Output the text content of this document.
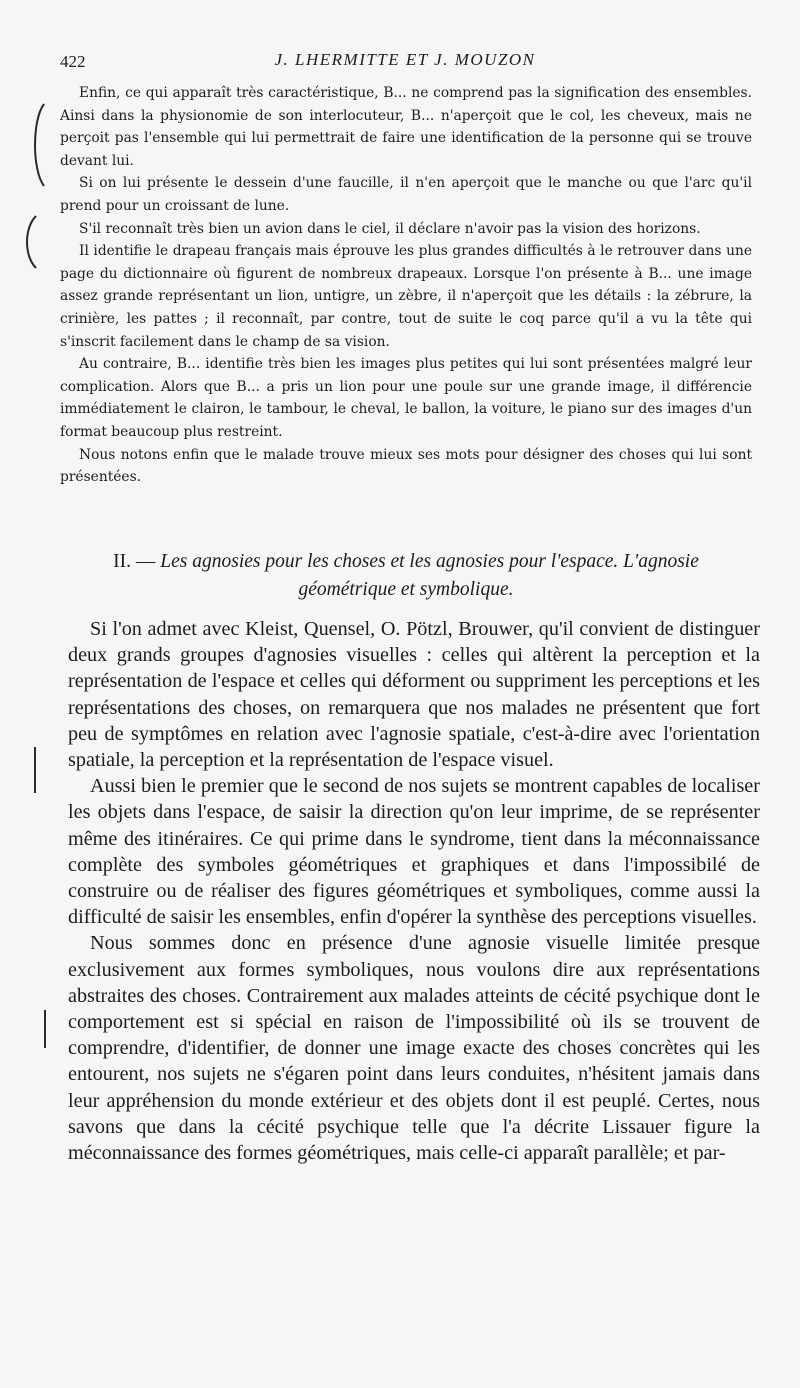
422	J. LHERMITTE ET J. MOUZON

Enfin, ce qui apparaît très caractéristique, B... ne comprend pas la signification des ensembles. Ainsi dans la physionomie de son interlocuteur, B... n'aperçoit que le col, les cheveux, mais ne perçoit pas l'ensemble qui lui permettrait de faire une identification de la personne qui se trouve devant lui.

Si on lui présente le dessein d'une faucille, il n'en aperçoit que le manche ou que l'arc qu'il prend pour un croissant de lune.

S'il reconnaît très bien un avion dans le ciel, il déclare n'avoir pas la vision des horizons.

Il identifie le drapeau français mais éprouve les plus grandes difficultés à le retrouver dans une page du dictionnaire où figurent de nombreux drapeaux. Lorsque l'on présente à B... une image assez grande représentant un lion, untigre, un zèbre, il n'aperçoit que les détails : la zébrure, la crinière, les pattes ; il reconnaît, par contre, tout de suite le coq parce qu'il a vu la tête qui s'inscrit facilement dans le champ de sa vision.

Au contraire, B... identifie très bien les images plus petites qui lui sont présentées malgré leur complication. Alors que B... a pris un lion pour une poule sur une grande image, il différencie immédiatement le clairon, le tambour, le cheval, le ballon, la voiture, le piano sur des images d'un format beaucoup plus restreint.

Nous notons enfin que le malade trouve mieux ses mots pour désigner des choses qui lui sont présentées.

II. — Les agnosies pour les choses et les agnosies pour l'espace. L'agnosie
géométrique et symbolique.

Si l'on admet avec Kleist, Quensel, O. Pötzl, Brouwer, qu'il convient de distinguer deux grands groupes d'agnosies visuelles : celles qui altèrent la perception et la représentation de l'espace et celles qui déforment ou suppriment les perceptions et les représentations des choses, on remarquera que nos malades ne présentent que fort peu de symptômes en relation avec l'agnosie spatiale, c'est-à-dire avec l'orientation spatiale, la perception et la représentation de l'espace visuel.

Aussi bien le premier que le second de nos sujets se montrent capables de localiser les objets dans l'espace, de saisir la direction qu'on leur imprime, de se représenter même des itinéraires. Ce qui prime dans le syndrome, tient dans la méconnaissance complète des symboles géométriques et graphiques et dans l'impossibilé de construire ou de réaliser des figures géométriques et symboliques, comme aussi la difficulté de saisir les ensembles, enfin d'opérer la synthèse des perceptions visuelles.

Nous sommes donc en présence d'une agnosie visuelle limitée presque exclusivement aux formes symboliques, nous voulons dire aux représentations abstraites des choses. Contrairement aux malades atteints de cécité psychique dont le comportement est si spécial en raison de l'impossibilité où ils se trouvent de comprendre, d'identifier, de donner une image exacte des choses concrètes qui les entourent, nos sujets ne s'égaren point dans leurs conduites, n'hésitent jamais dans leur appréhension du monde extérieur et des objets dont il est peuplé. Certes, nous savons que dans la cécité psychique telle que l'a décrite Lissauer figure la méconnaissance des formes géométriques, mais celle-ci apparaît parallèle; et par-
